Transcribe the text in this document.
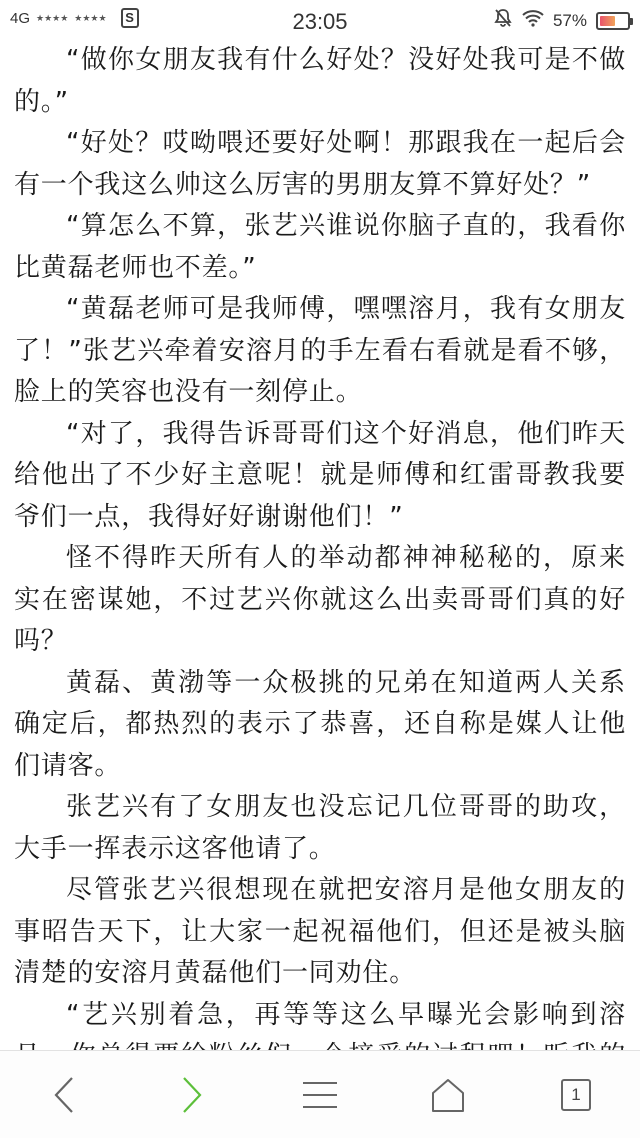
4G ★★★★ ★★★★	S	23:05	57%

“做你女朋友我有什么好处？没好处我可是不做的。”

“好处？哎呦喂还要好处啊！那跟我在一起后会有一个我这么帅这么厉害的男朋友算不算好处？”

“算怎么不算，张艺兴谁说你脑子直的，我看你比黄磊老师也不差。”

“黄磊老师可是我师傅，嘿嘿溶月，我有女朋友了！”张艺兴牵着安溶月的手左看右看就是看不够，脸上的笑容也没有一刻停止。

“对了，我得告诉哥哥们这个好消息，他们昨天给他出了不少好主意呢！就是师傅和红雷哥教我要爷们一点，我得好好谢谢他们！”

怪不得昨天所有人的举动都神神秘秘的，原来实在密谋她，不过艺兴你就这么出卖哥哥们真的好吗？

黄磊、黄渤等一众极挑的兄弟在知道两人关系确定后，都热烈的表示了恭喜，还自称是媒人让他们请客。

张艺兴有了女朋友也没忘记几位哥哥的助攻，大手一挥表示这客他请了。

尽管张艺兴很想现在就把安溶月是他女朋友的事昭告天下，让大家一起祝福他们，但还是被头脑清楚的安溶月黄磊他们一同劝住。

“艺兴别着急，再等等这么早曝光会影响到溶

1
